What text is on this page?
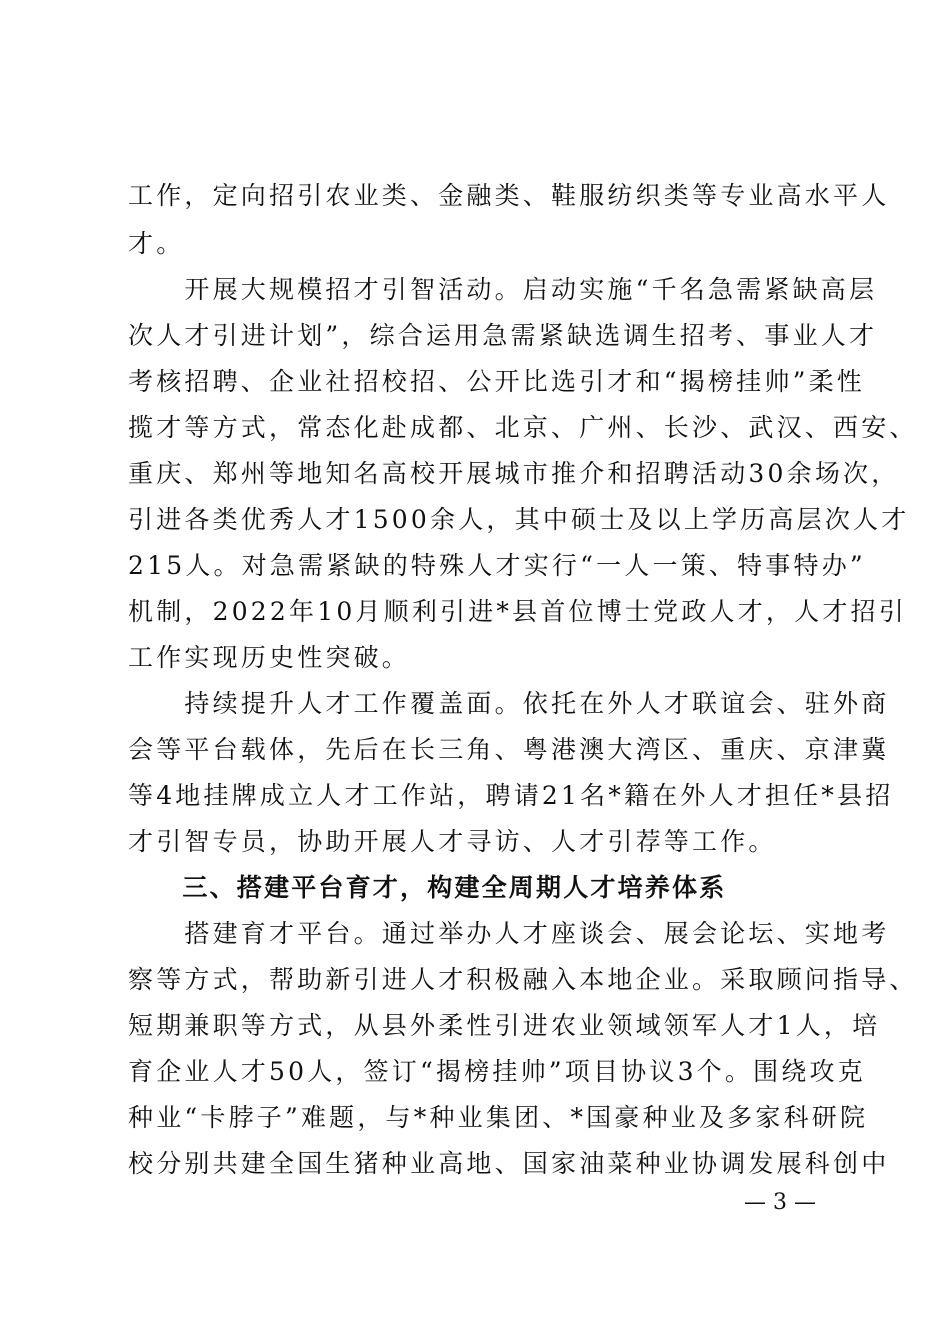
工作，定向招引农业类、金融类、鞋服纺织类等专业高水平人
才。
　　开展大规模招才引智活动。启动实施“千名急需紧缺高层
次人才引进计划”，综合运用急需紧缺选调生招考、事业人才
考核招聘、企业社招校招、公开比选引才和“揭榜挂帅”柔性
揽才等方式，常态化赴成都、北京、广州、长沙、武汉、西安、
重庆、郑州等地知名高校开展城市推介和招聘活动30余场次，
引进各类优秀人才1500余人，其中硕士及以上学历高层次人才
215人。对急需紧缺的特殊人才实行“一人一策、特事特办”
机制，2022年10月顺利引进*县首位博士党政人才，人才招引
工作实现历史性突破。
　　持续提升人才工作覆盖面。依托在外人才联谊会、驻外商
会等平台载体，先后在长三角、粤港澳大湾区、重庆、京津冀
等4地挂牌成立人才工作站，聘请21名*籍在外人才担任*县招
才引智专员，协助开展人才寻访、人才引荐等工作。
　　三、搭建平台育才，构建全周期人才培养体系
　　搭建育才平台。通过举办人才座谈会、展会论坛、实地考
察等方式，帮助新引进人才积极融入本地企业。采取顾问指导、
短期兼职等方式，从县外柔性引进农业领域领军人才1人，培
育企业人才50人，签订“揭榜挂帅”项目协议3个。围绕攻克
种业“卡脖子”难题，与*种业集团、*国豪种业及多家科研院
校分别共建全国生猪种业高地、国家油菜种业协调发展科创中
— 3 —
